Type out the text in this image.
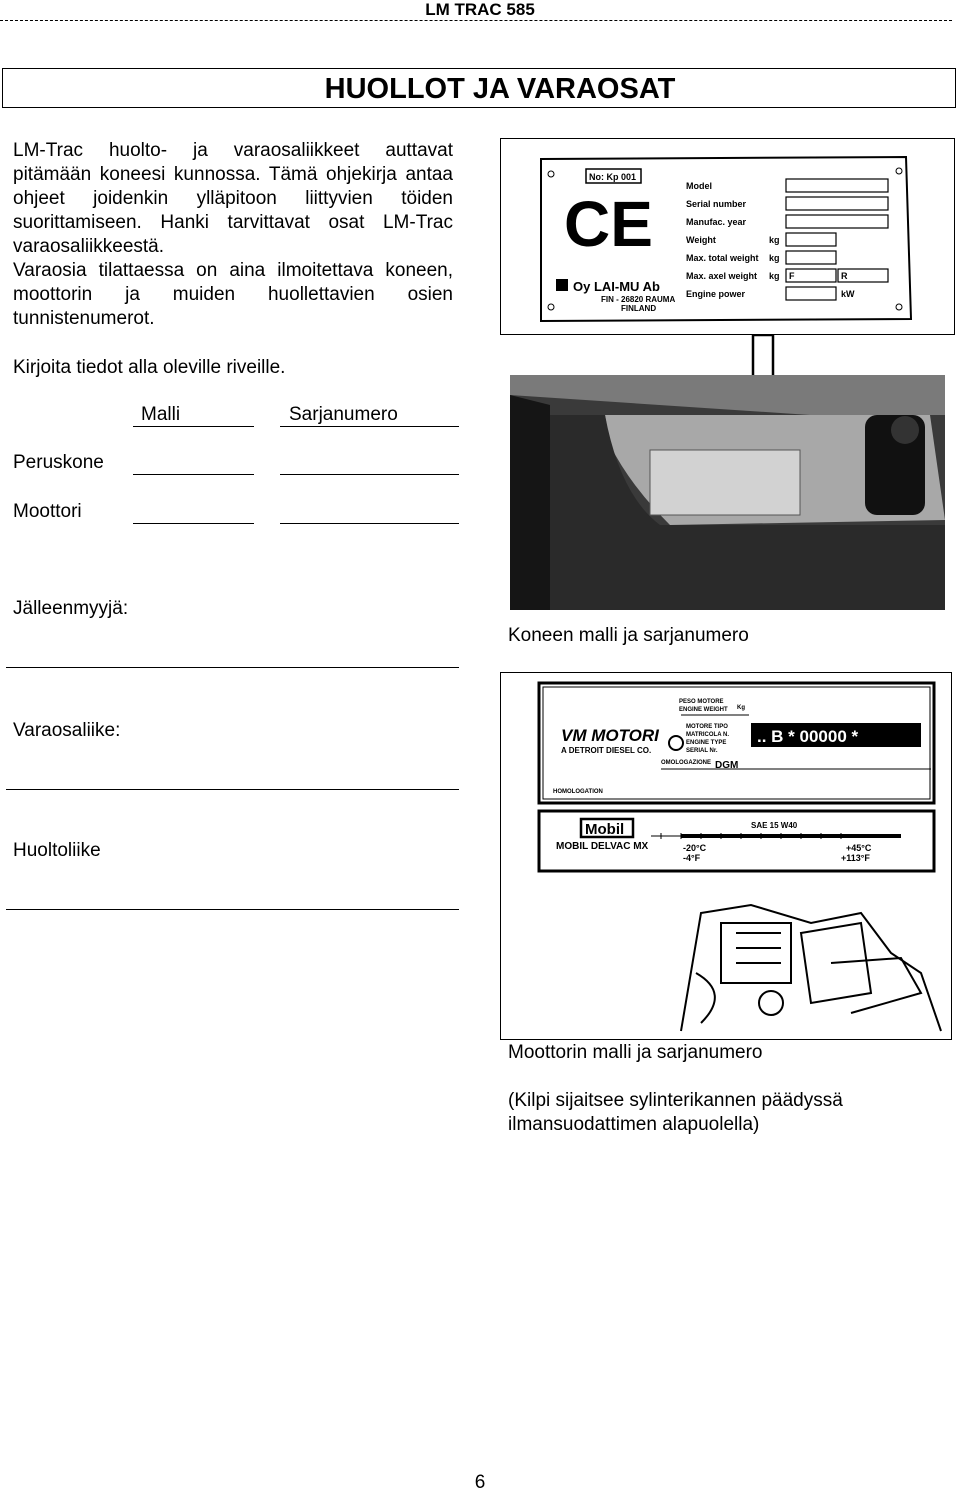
LM TRAC 585
HUOLLOT JA VARAOSAT
LM-Trac huolto- ja varaosaliikkeet auttavat pitämään koneesi kunnossa. Tämä ohjekirja antaa ohjeet joidenkin ylläpitoon liittyvien töiden suorittamiseen. Hanki tarvittavat osat LM-Trac varaosaliikkeestä.
Varaosia tilattaessa on aina ilmoitettava koneen, moottorin ja muiden huollettavien osien tunnistenumerot.
Kirjoita tiedot alla oleville riveille.
Malli	Sarjanumero
Peruskone
Moottori
Jälleenmyyjä:
Varaosaliike:
Huoltoliike
No: Kp 001
CE
Oy LAI-MU Ab
FIN - 26820 RAUMA
FINLAND
Model
Serial number
Manufac. year
Weight
Max. total weight
Max. axel weight
Engine power
kg
kg
kg
kW
F	R
Koneen malli ja sarjanumero
VM MOTORI
A DETROIT DIESEL CO.
PESO MOTORE
ENGINE WEIGHT Kg
MOTORE TIPO
MATRICOLA N.
ENGINE TYPE
SERIAL Nr.
OMOLOGAZIONE
HOMOLOGATION
DGM
.. B * 00000 *
Mobil
MOBIL DELVAC MX
SAE 15 W40
-20°C
-4°F
+45°C
+113°F
Moottorin malli ja sarjanumero
(Kilpi sijaitsee sylinterikannen päädyssä ilmansuodattimen alapuolella)
6
